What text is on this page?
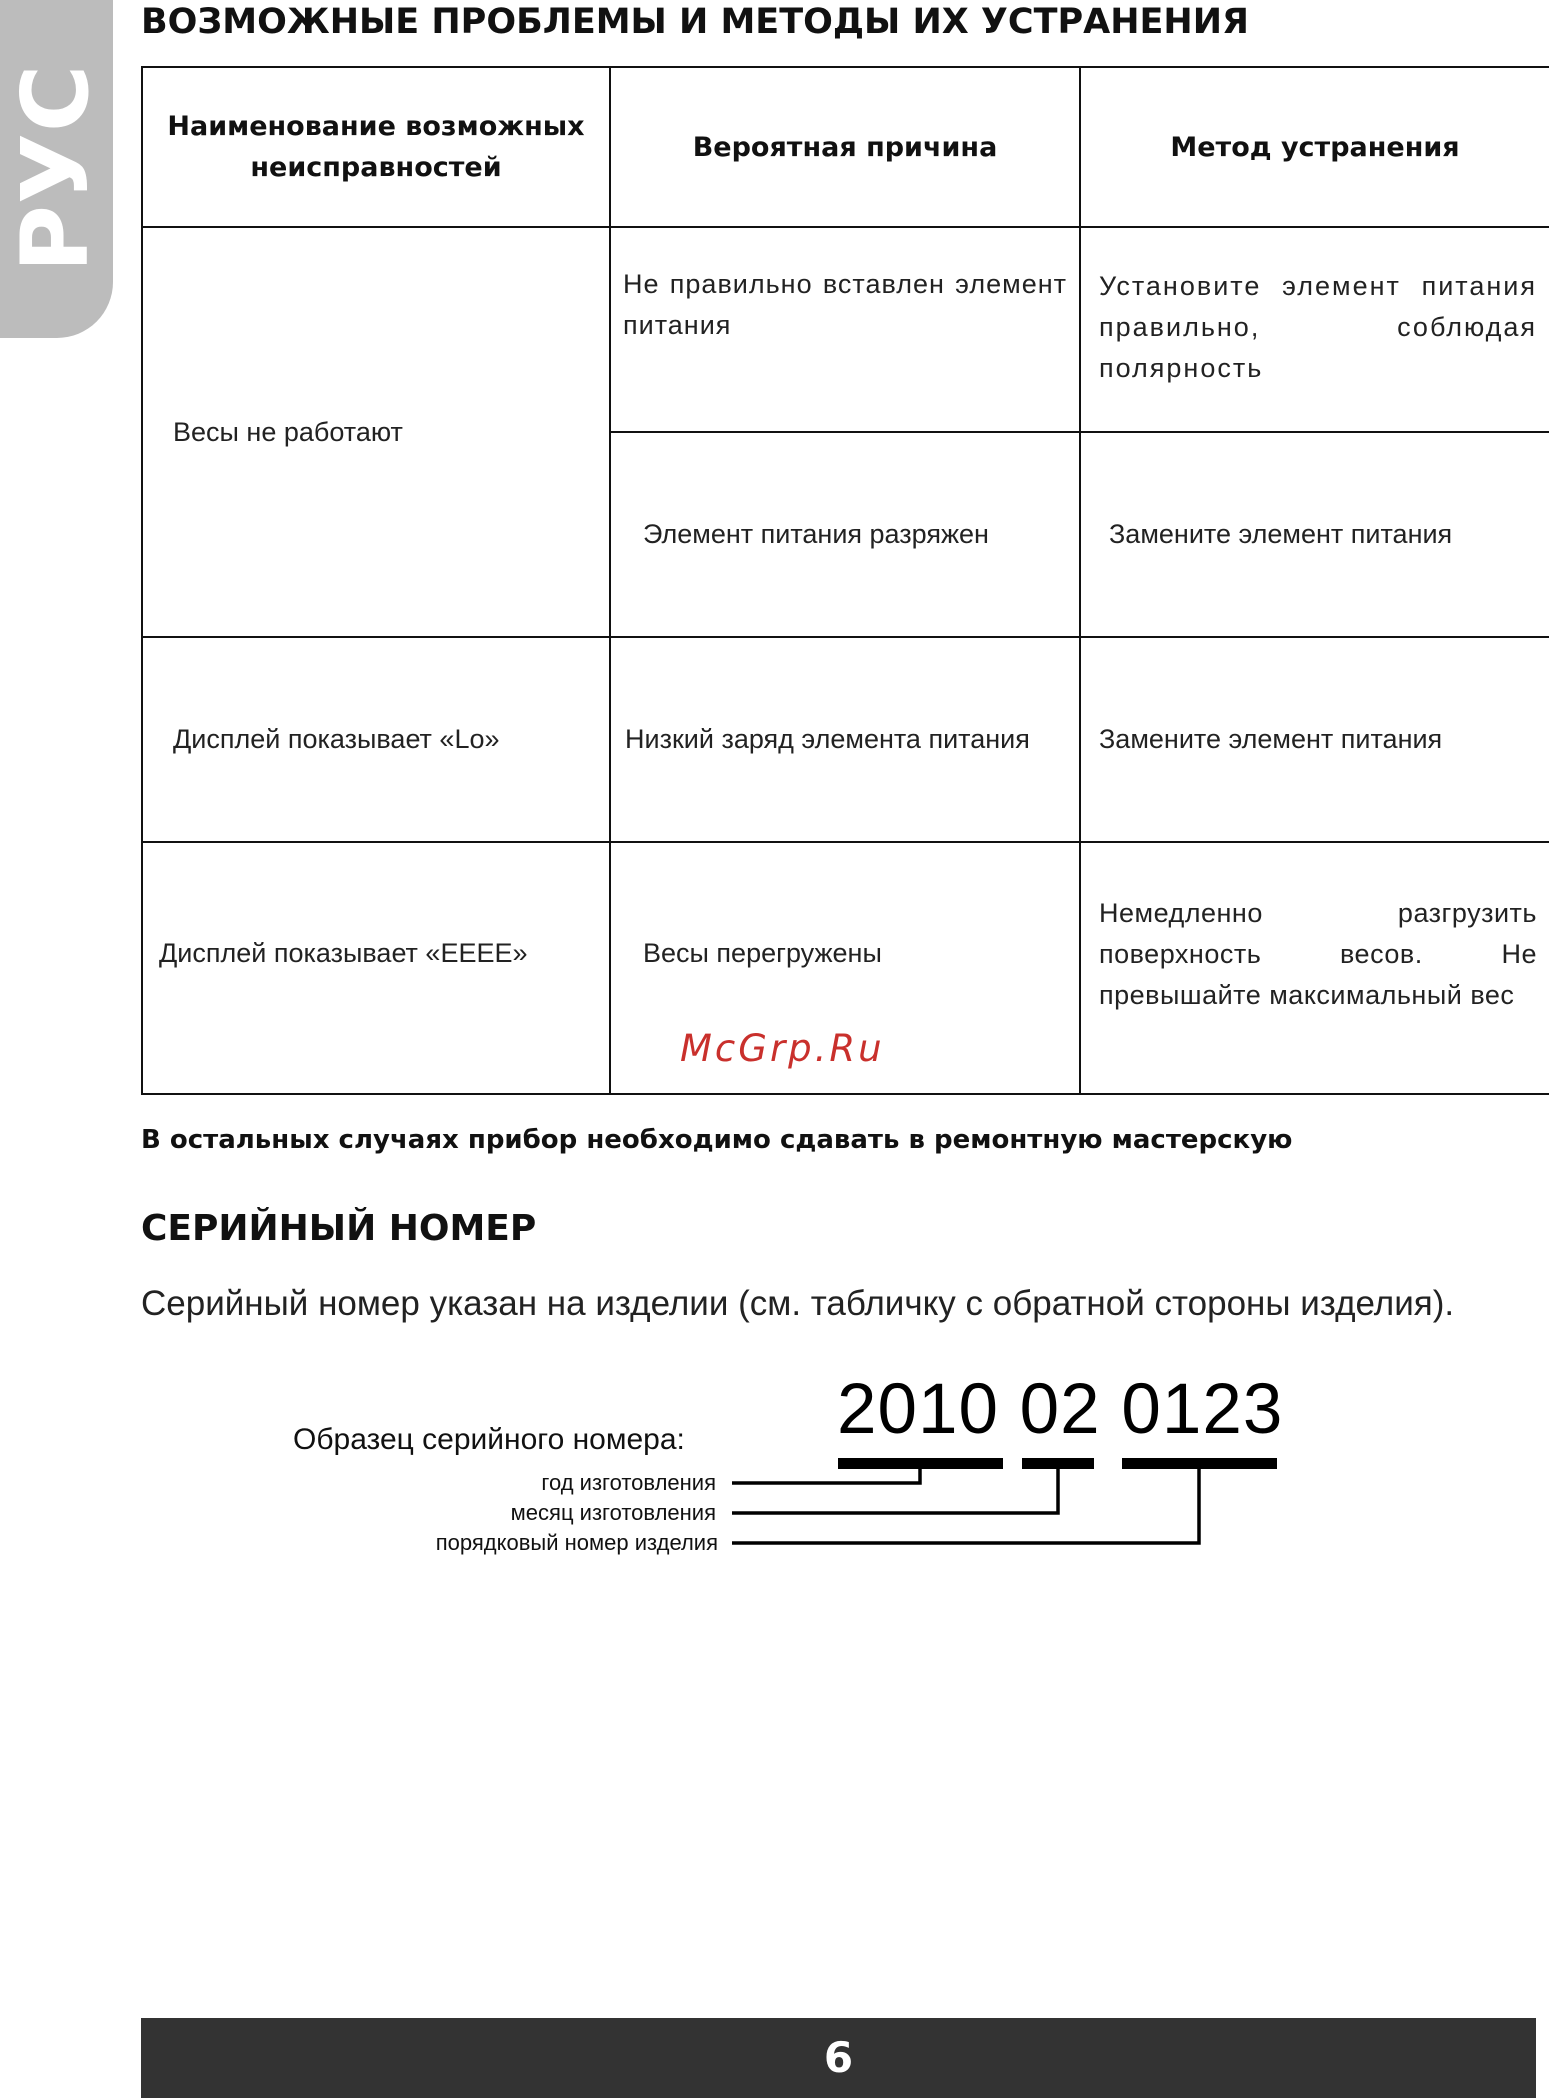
РУС
ВОЗМОЖНЫЕ ПРОБЛЕМЫ И МЕТОДЫ ИХ УСТРАНЕНИЯ
Наименование возможных неисправностей	Вероятная причина	Метод устранения
Весы не работают	Не правильно вставлен элемент питания	Установите элемент питания правильно, соблюдая полярность
	Элемент питания разряжен	Замените элемент питания
Дисплей показывает «Lo»	Низкий заряд элемента питания	Замените элемент питания
Дисплей показывает «EEEE»	Весы перегружены	Немедленно разгрузить поверхность весов. Не превышайте максимальный вес
McGrp.Ru

В остальных случаях прибор необходимо сдавать в ремонтную мастерскую

СЕРИЙНЫЙ НОМЕР

Серийный номер указан на изделии (см. табличку с обратной стороны изделия).

Образец серийного номера:
год изготовления
месяц изготовления
порядковый номер изделия
2010 02 0123
6
